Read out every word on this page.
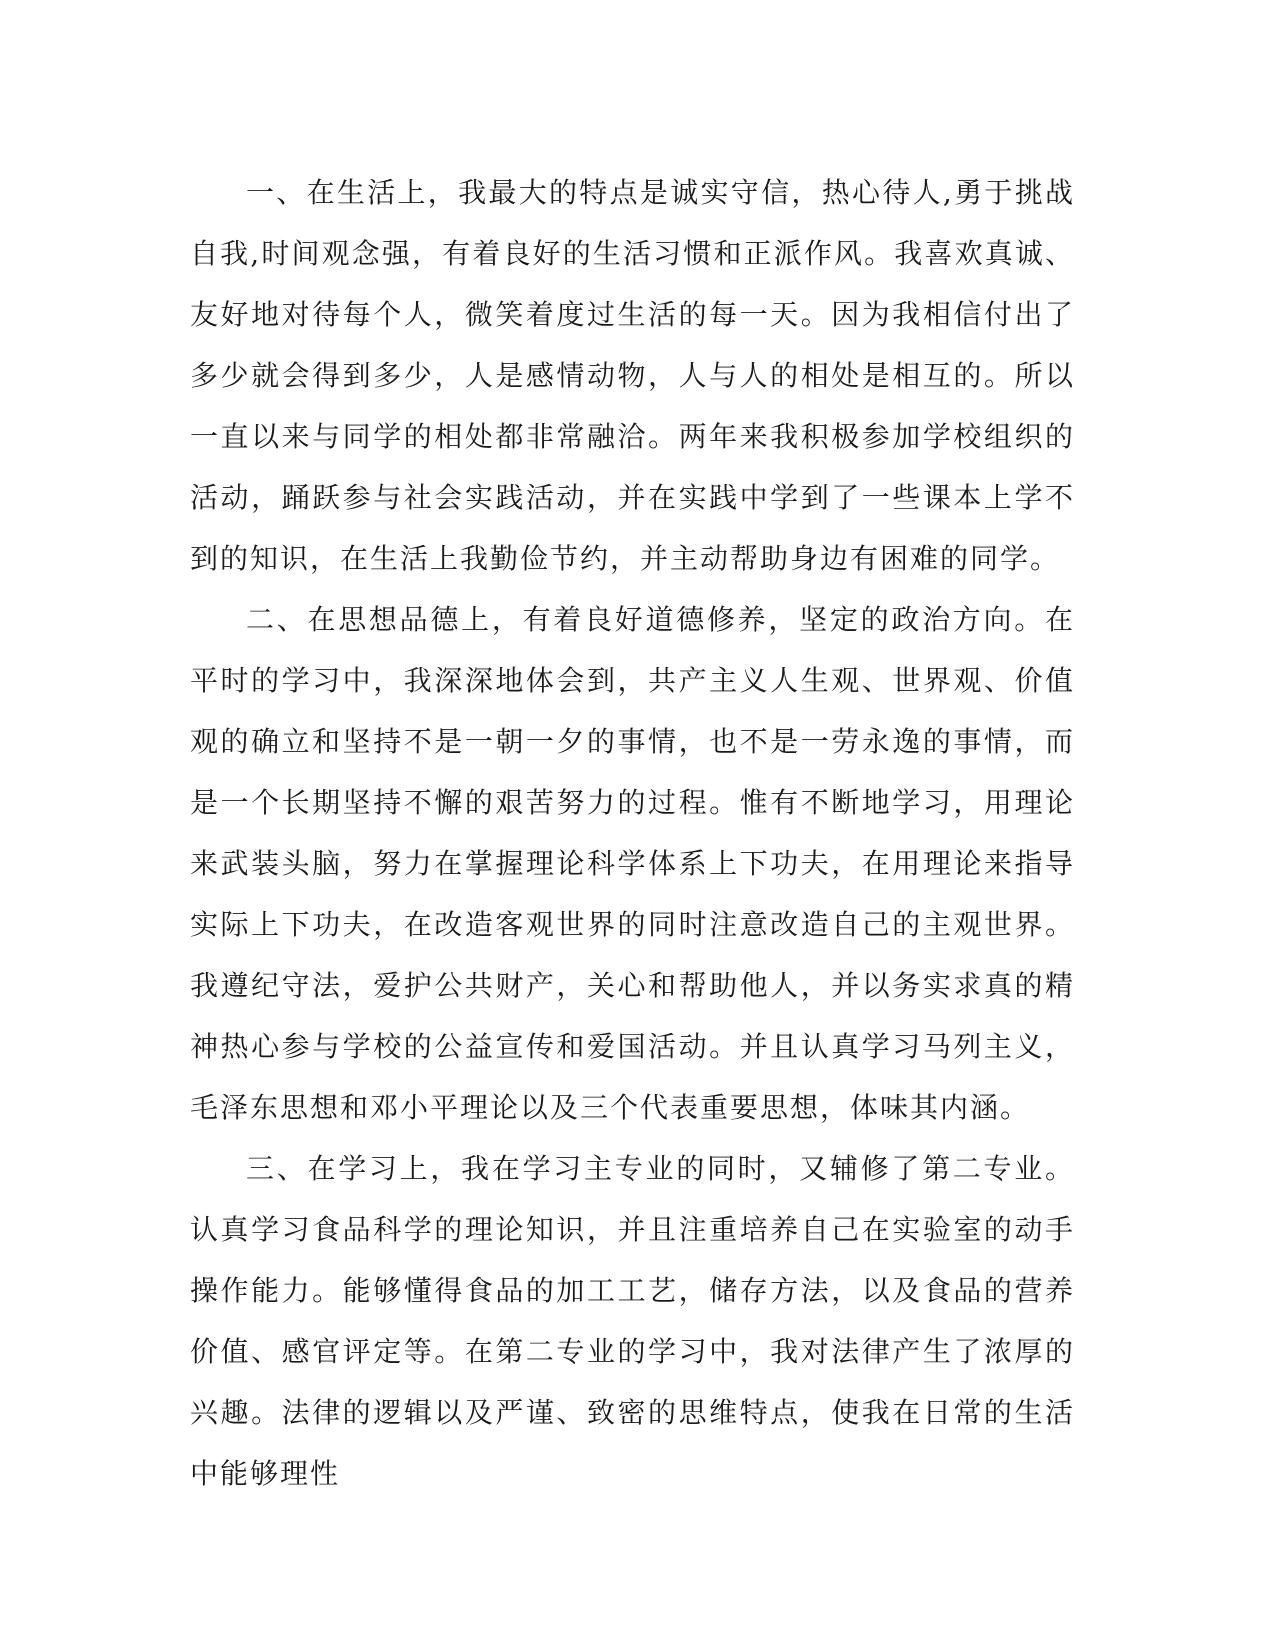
一、在生活上，我最大的特点是诚实守信，热心待人,勇于挑战自我,时间观念强，有着良好的生活习惯和正派作风。我喜欢真诚、友好地对待每个人，微笑着度过生活的每一天。因为我相信付出了多少就会得到多少，人是感情动物，人与人的相处是相互的。所以一直以来与同学的相处都非常融洽。两年来我积极参加学校组织的活动，踊跃参与社会实践活动，并在实践中学到了一些课本上学不到的知识，在生活上我勤俭节约，并主动帮助身边有困难的同学。

二、在思想品德上，有着良好道德修养，坚定的政治方向。在平时的学习中，我深深地体会到，共产主义人生观、世界观、价值观的确立和坚持不是一朝一夕的事情，也不是一劳永逸的事情，而是一个长期坚持不懈的艰苦努力的过程。惟有不断地学习，用理论来武装头脑，努力在掌握理论科学体系上下功夫，在用理论来指导实际上下功夫，在改造客观世界的同时注意改造自己的主观世界。我遵纪守法，爱护公共财产，关心和帮助他人，并以务实求真的精神热心参与学校的公益宣传和爱国活动。并且认真学习马列主义，毛泽东思想和邓小平理论以及三个代表重要思想，体味其内涵。

三、在学习上，我在学习主专业的同时，又辅修了第二专业。认真学习食品科学的理论知识，并且注重培养自己在实验室的动手操作能力。能够懂得食品的加工工艺，储存方法，以及食品的营养价值、感官评定等。在第二专业的学习中，我对法律产生了浓厚的兴趣。法律的逻辑以及严谨、致密的思维特点，使我在日常的生活中能够理性
